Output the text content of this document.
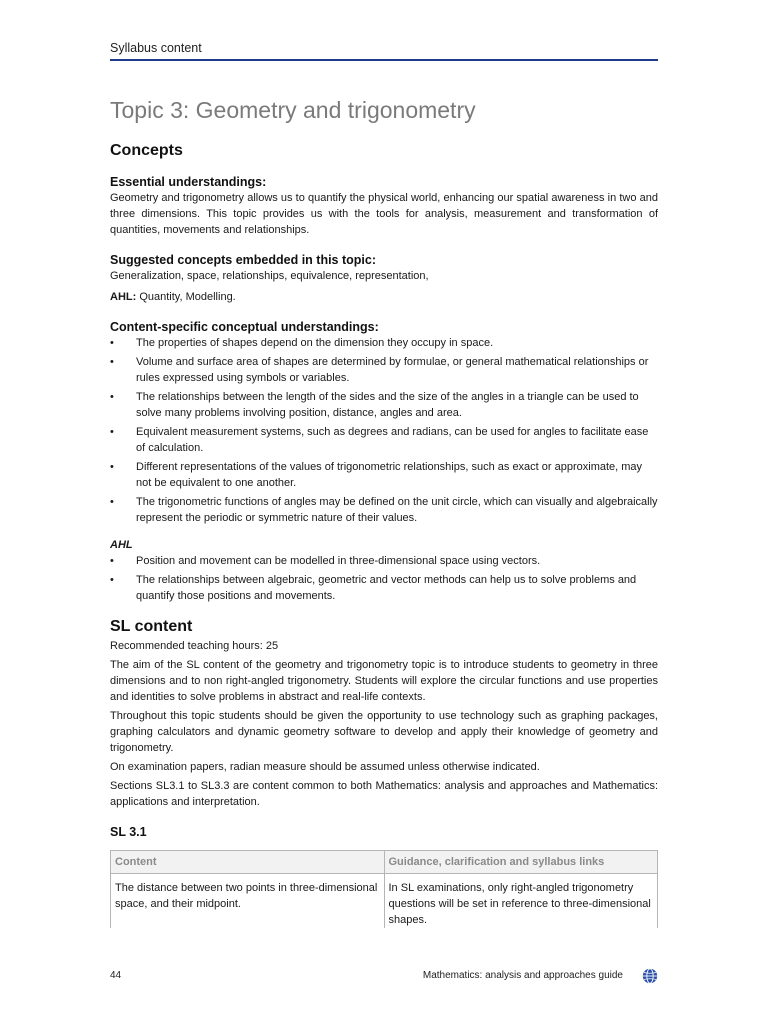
Syllabus content
Topic 3: Geometry and trigonometry
Concepts
Essential understandings:

Geometry and trigonometry allows us to quantify the physical world, enhancing our spatial awareness in two and three dimensions. This topic provides us with the tools for analysis, measurement and transformation of quantities, movements and relationships.

Suggested concepts embedded in this topic:

Generalization, space, relationships, equivalence, representation,

AHL: Quantity, Modelling.

Content-specific conceptual understandings:
• The properties of shapes depend on the dimension they occupy in space.
• Volume and surface area of shapes are determined by formulae, or general mathematical relationships or rules expressed using symbols or variables.
• The relationships between the length of the sides and the size of the angles in a triangle can be used to solve many problems involving position, distance, angles and area.
• Equivalent measurement systems, such as degrees and radians, can be used for angles to facilitate ease of calculation.
• Different representations of the values of trigonometric relationships, such as exact or approximate, may not be equivalent to one another.
• The trigonometric functions of angles may be defined on the unit circle, which can visually and algebraically represent the periodic or symmetric nature of their values.
AHL
• Position and movement can be modelled in three-dimensional space using vectors.
• The relationships between algebraic, geometric and vector methods can help us to solve problems and quantify those positions and movements.
SL content

Recommended teaching hours: 25

The aim of the SL content of the geometry and trigonometry topic is to introduce students to geometry in three dimensions and to non right-angled trigonometry. Students will explore the circular functions and use properties and identities to solve problems in abstract and real-life contexts.

Throughout this topic students should be given the opportunity to use technology such as graphing packages, graphing calculators and dynamic geometry software to develop and apply their knowledge of geometry and trigonometry.

On examination papers, radian measure should be assumed unless otherwise indicated.

Sections SL3.1 to SL3.3 are content common to both Mathematics: analysis and approaches and Mathematics: applications and interpretation.

SL 3.1
Content	Guidance, clarification and syllabus links
The distance between two points in three-dimensional space, and their midpoint.	In SL examinations, only right-angled trigonometry questions will be set in reference to three-dimensional shapes.
44	Mathematics: analysis and approaches guide
